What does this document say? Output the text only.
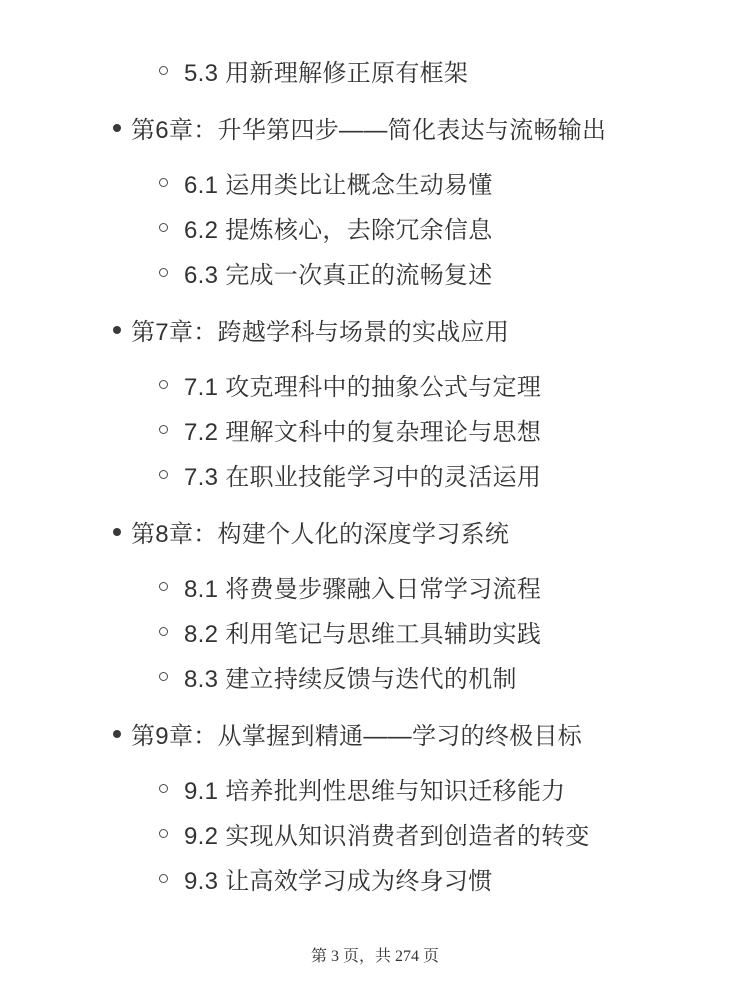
5.3 用新理解修正原有框架
第6章：升华第四步——简化表达与流畅输出
6.1 运用类比让概念生动易懂
6.2 提炼核心，去除冗余信息
6.3 完成一次真正的流畅复述
第7章：跨越学科与场景的实战应用
7.1 攻克理科中的抽象公式与定理
7.2 理解文科中的复杂理论与思想
7.3 在职业技能学习中的灵活运用
第8章：构建个人化的深度学习系统
8.1 将费曼步骤融入日常学习流程
8.2 利用笔记与思维工具辅助实践
8.3 建立持续反馈与迭代的机制
第9章：从掌握到精通——学习的终极目标
9.1 培养批判性思维与知识迁移能力
9.2 实现从知识消费者到创造者的转变
9.3 让高效学习成为终身习惯
第 3 页，共 274 页
